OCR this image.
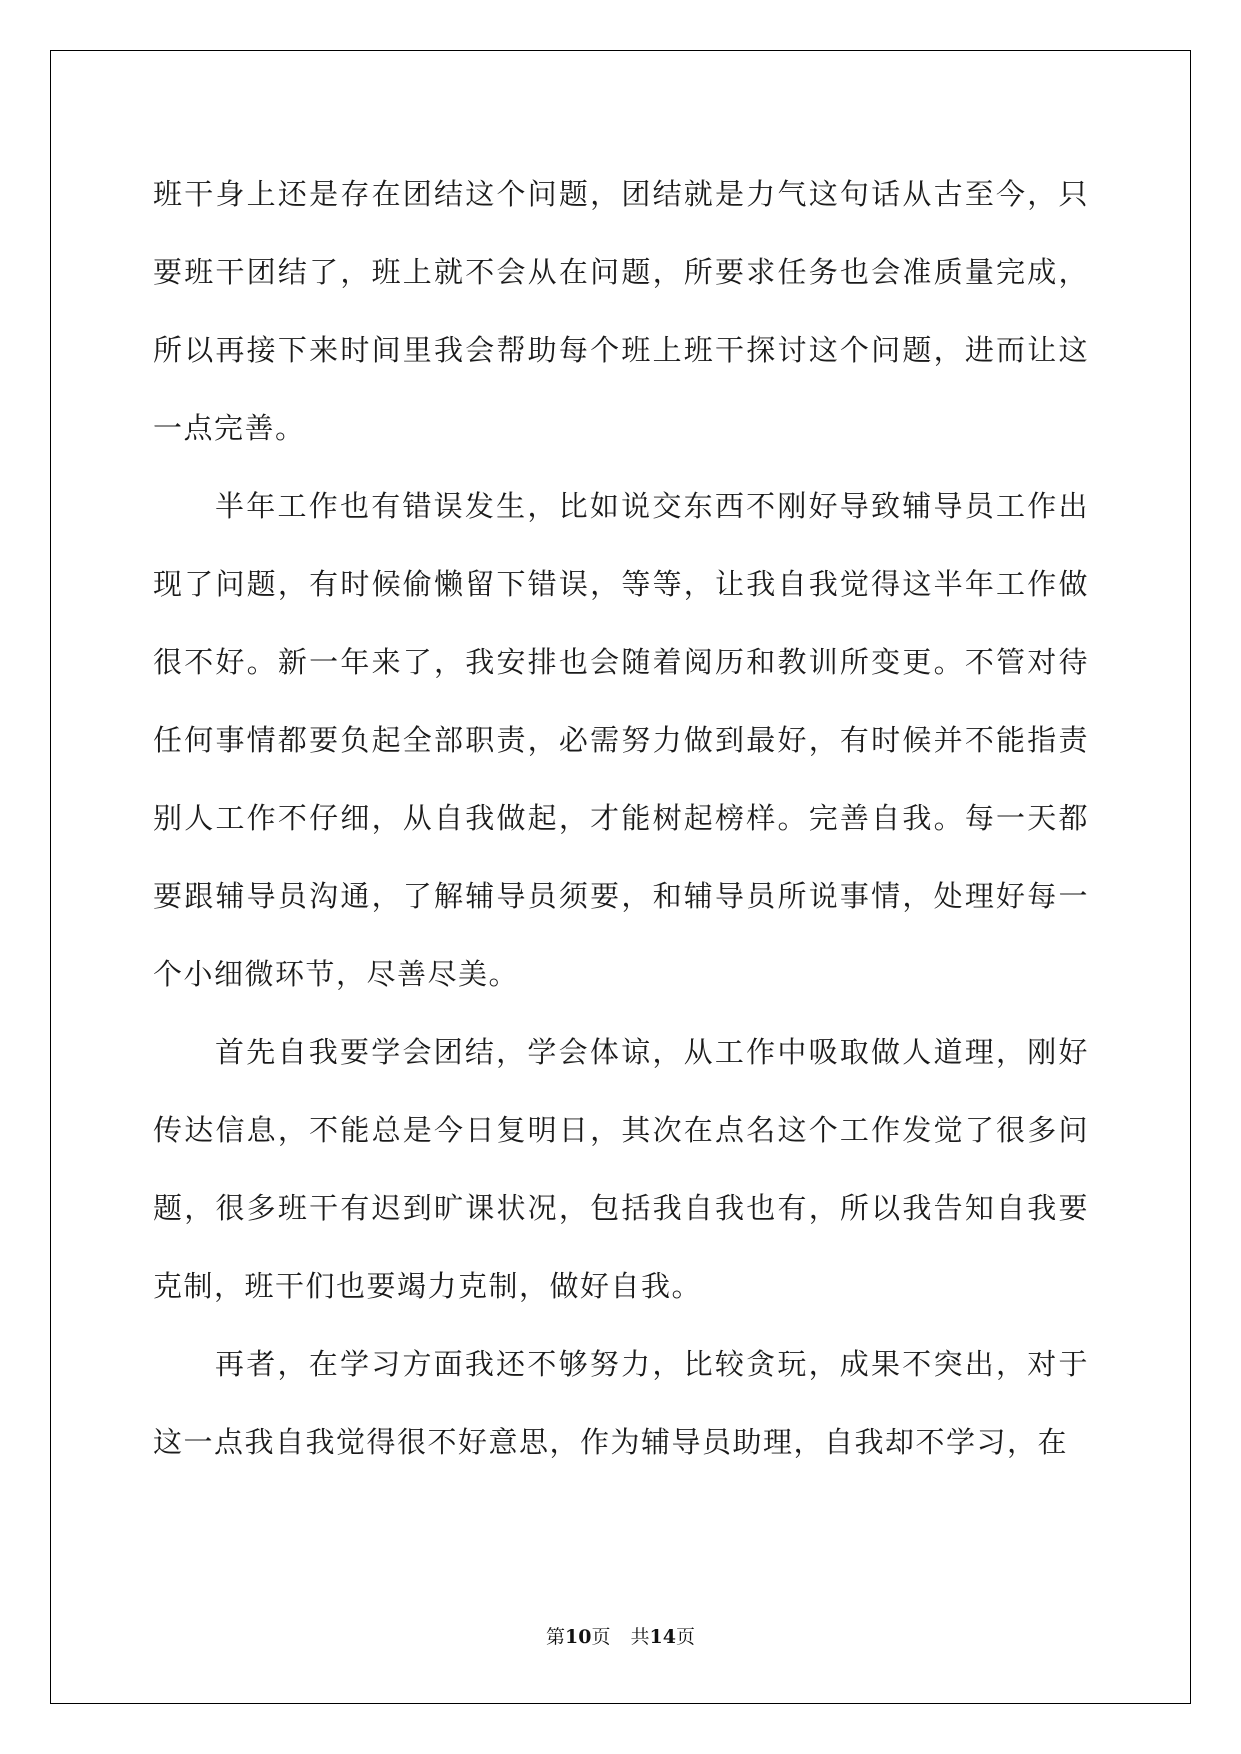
班干身上还是存在团结这个问题，团结就是力气这句话从古至今，只要班干团结了，班上就不会从在问题，所要求任务也会准质量完成，所以再接下来时间里我会帮助每个班上班干探讨这个问题，进而让这一点完善。

半年工作也有错误发生，比如说交东西不刚好导致辅导员工作出现了问题，有时候偷懒留下错误，等等，让我自我觉得这半年工作做很不好。新一年来了，我安排也会随着阅历和教训所变更。不管对待任何事情都要负起全部职责，必需努力做到最好，有时候并不能指责别人工作不仔细，从自我做起，才能树起榜样。完善自我。每一天都要跟辅导员沟通，了解辅导员须要，和辅导员所说事情，处理好每一个小细微环节，尽善尽美。

首先自我要学会团结，学会体谅，从工作中吸取做人道理，刚好传达信息，不能总是今日复明日，其次在点名这个工作发觉了很多问题，很多班干有迟到旷课状况，包括我自我也有，所以我告知自我要克制，班干们也要竭力克制，做好自我。

再者，在学习方面我还不够努力，比较贪玩，成果不突出，对于这一点我自我觉得很不好意思，作为辅导员助理，自我却不学习，在

第10页 共14页
